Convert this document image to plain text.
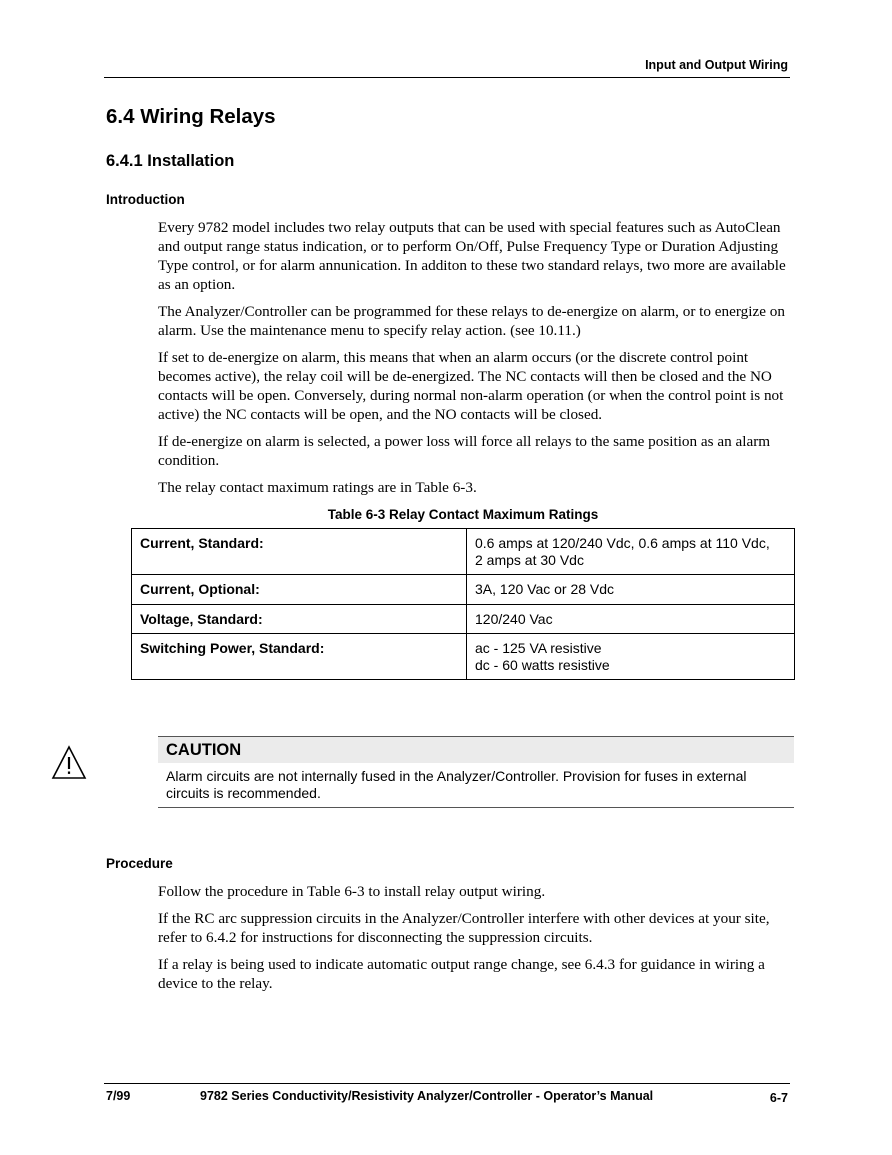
Input and Output Wiring
6.4 Wiring Relays
6.4.1 Installation
Introduction

Every 9782 model includes two relay outputs that can be used with special features such as AutoClean and output range status indication, or to perform On/Off, Pulse Frequency Type or Duration Adjusting Type control, or for alarm annunication. In additon to these two standard relays, two more are available as an option.

The Analyzer/Controller can be programmed for these relays to de-energize on alarm, or to energize on alarm. Use the maintenance menu to specify relay action. (see 10.11.)

If set to de-energize on alarm, this means that when an alarm occurs (or the discrete control point becomes active), the relay coil will be de-energized. The NC contacts will then be closed and the NO contacts will be open. Conversely, during normal non-alarm operation (or when the control point is not active) the NC contacts will be open, and the NO contacts will be closed.

If de-energize on alarm is selected, a power loss will force all relays to the same position as an alarm condition.

The relay contact maximum ratings are in Table 6-3.

Table 6-3 Relay Contact Maximum Ratings
Current, Standard:	0.6 amps at 120/240 Vdc, 0.6 amps at 110 Vdc,
2 amps at 30 Vdc
Current, Optional:	3A, 120 Vac or 28 Vdc
Voltage, Standard:	120/240 Vac
Switching Power, Standard:	ac - 125 VA resistive
dc - 60 watts resistive
CAUTION
Alarm circuits are not internally fused in the Analyzer/Controller. Provision for fuses in external circuits is recommended.
Procedure

Follow the procedure in Table 6-3 to install relay output wiring.

If the RC arc suppression circuits in the Analyzer/Controller interfere with other devices at your site, refer to 6.4.2 for instructions for disconnecting the suppression circuits.

If a relay is being used to indicate automatic output range change, see 6.4.3 for guidance in wiring a device to the relay.

7/99	9782 Series Conductivity/Resistivity Analyzer/Controller - Operator’s Manual	6-7
